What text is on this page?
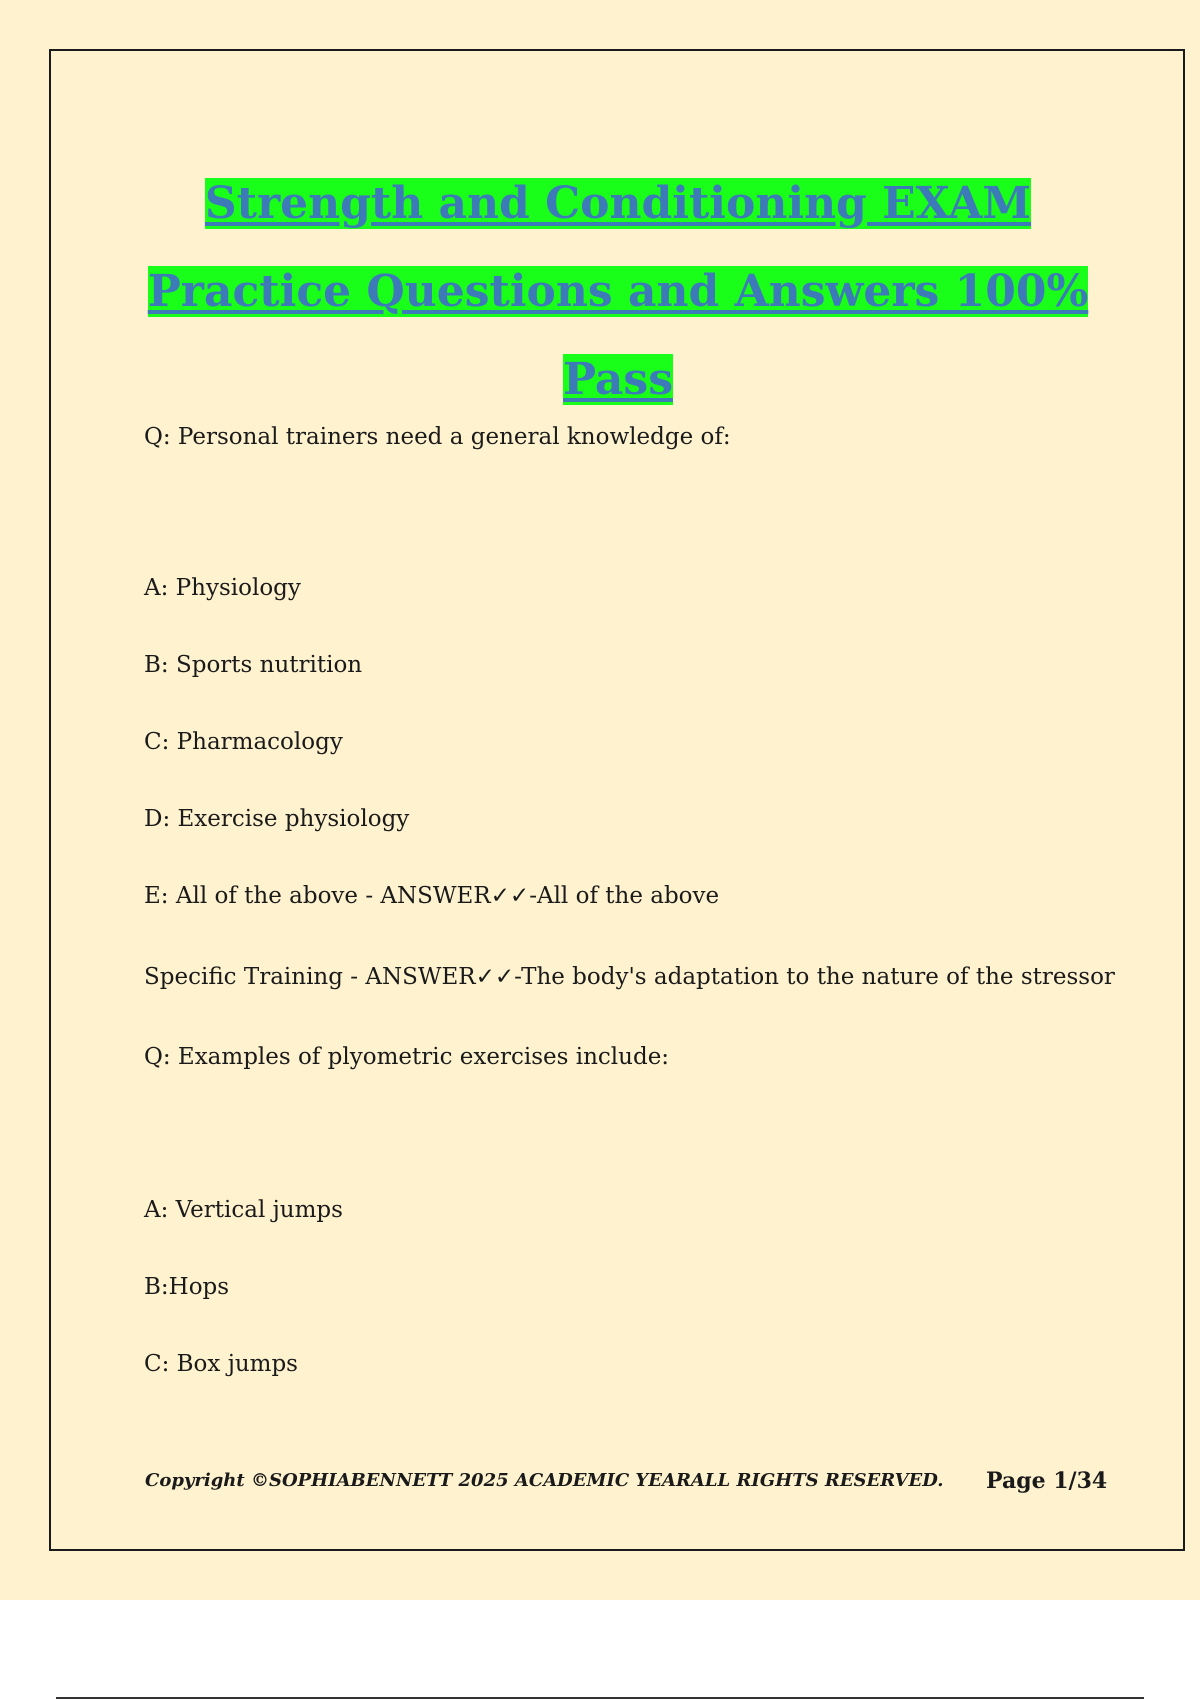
Strength and Conditioning EXAM Practice Questions and Answers 100% Pass

Q: Personal trainers need a general knowledge of:

A: Physiology

B: Sports nutrition

C: Pharmacology

D: Exercise physiology

E: All of the above - ANSWER✓✓-All of the above

Specific Training - ANSWER✓✓-The body's adaptation to the nature of the stressor

Q: Examples of plyometric exercises include:

A: Vertical jumps

B:Hops

C: Box jumps

Copyright ©SOPHIABENNETT 2025 ACADEMIC YEARALL RIGHTS RESERVED. Page 1/34
